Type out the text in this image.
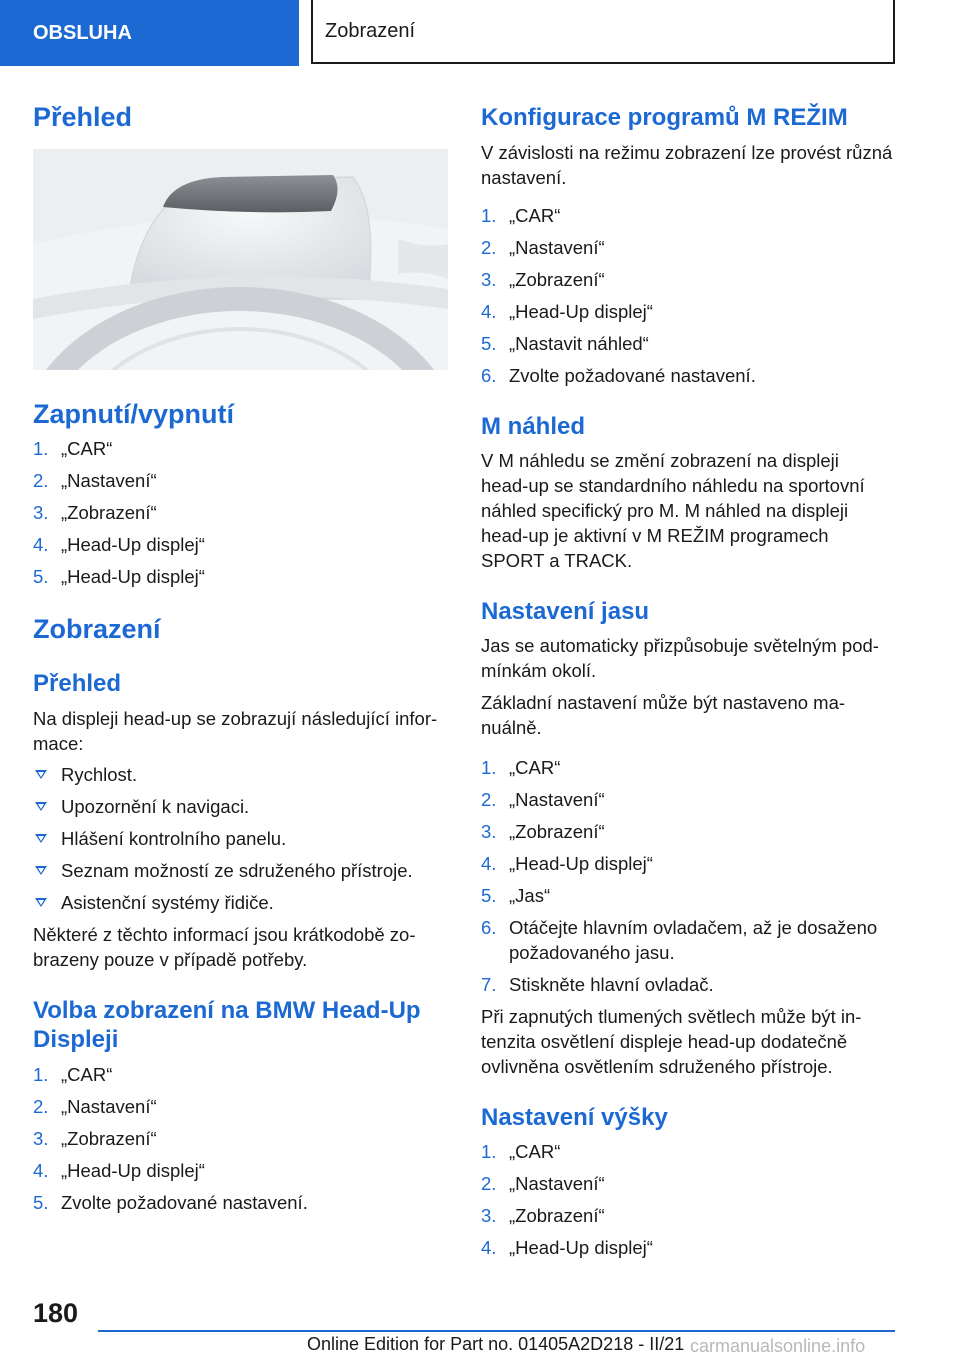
OBSLUHA	Zobrazení
Přehled
Zapnutí/vypnutí
1. „CAR“
2. „Nastavení“
3. „Zobrazení“
4. „Head-Up displej“
5. „Head-Up displej“
Zobrazení
Přehled
Na displeji head-up se zobrazují následující infor-mace:
Rychlost.
Upozornění k navigaci.
Hlášení kontrolního panelu.
Seznam možností ze sdruženého přístroje.
Asistenční systémy řidiče.
Některé z těchto informací jsou krátkodobě zo-brazeny pouze v případě potřeby.
Volba zobrazení na BMW Head-Up Displeji
1. „CAR“
2. „Nastavení“
3. „Zobrazení“
4. „Head-Up displej“
5. Zvolte požadované nastavení.
Konfigurace programů M REŽIM
V závislosti na režimu zobrazení lze provést různá nastavení.
1. „CAR“
2. „Nastavení“
3. „Zobrazení“
4. „Head-Up displej“
5. „Nastavit náhled“
6. Zvolte požadované nastavení.
M náhled
V M náhledu se změní zobrazení na displeji head-up se standardního náhledu na sportovní náhled specifický pro M. M náhled na displeji head-up je aktivní v M REŽIM programech SPORT a TRACK.
Nastavení jasu
Jas se automaticky přizpůsobuje světelným pod-mínkám okolí.
Základní nastavení může být nastaveno ma-nuálně.
1. „CAR“
2. „Nastavení“
3. „Zobrazení“
4. „Head-Up displej“
5. „Jas“
6. Otáčejte hlavním ovladačem, až je dosaženo požadovaného jasu.
7. Stiskněte hlavní ovladač.
Při zapnutých tlumených světlech může být in-tenzita osvětlení displeje head-up dodatečně ovlivněna osvětlením sdruženého přístroje.
Nastavení výšky
1. „CAR“
2. „Nastavení“
3. „Zobrazení“
4. „Head-Up displej“
180
Online Edition for Part no. 01405A2D218 - II/21 carmanualsonline.info
